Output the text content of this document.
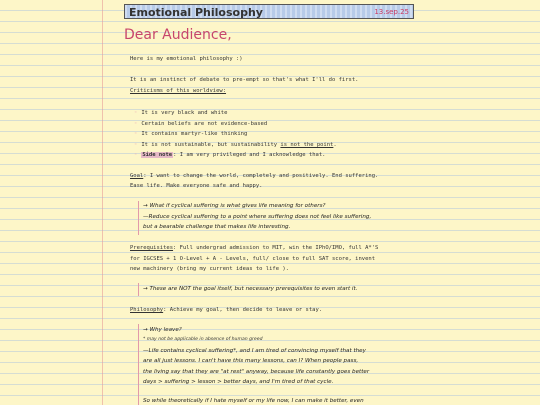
Emotional Philosophy	13.sep.25
Dear Audience,
Here is my emotional philosophy :)
It is an instinct of debate to pre-empt so that's what I'll do first.
Criticisms of this worldview:
◦ It is very black and white
◦ Certain beliefs are not evidence-based
◦ It contains martyr-like thinking
◦ It is not sustainable, but sustainability is not the point.
◦ Side note: I am very privileged and I acknowledge that.
Goal: I want to change the world, completely and positively. End suffering.
Ease life. Make everyone safe and happy.
→ What if cyclical suffering is what gives life meaning for others?
—Reduce cyclical suffering to a point where suffering does not feel like suffering,
but a bearable challenge that makes life interesting.
Prerequisites: Full undergrad admission to MIT, win the IPhO/IMO, full A*'S
for IGCSES + 1 O-Level + A - Levels, full/ close to full SAT score, invent
new machinery (bring my current ideas to life ).
→ These are NOT the goal itself, but necessary prerequisites to even start it.
Philosophy: Achieve my goal, then decide to leave or stay.
→ Why leave?
* may not be applicable in absence of human greed
—Life contains cyclical suffering*, and I am tired of convincing myself that they
are all just lessons. I can't have this many lessons, can I? When people pass,
the living say that they are "at rest" anyway, because life constantly goes better
days > suffering > lesson > better days, and I'm tired of that cycle.
So while theoretically if I hate myself or my life now, I can make it better, even
